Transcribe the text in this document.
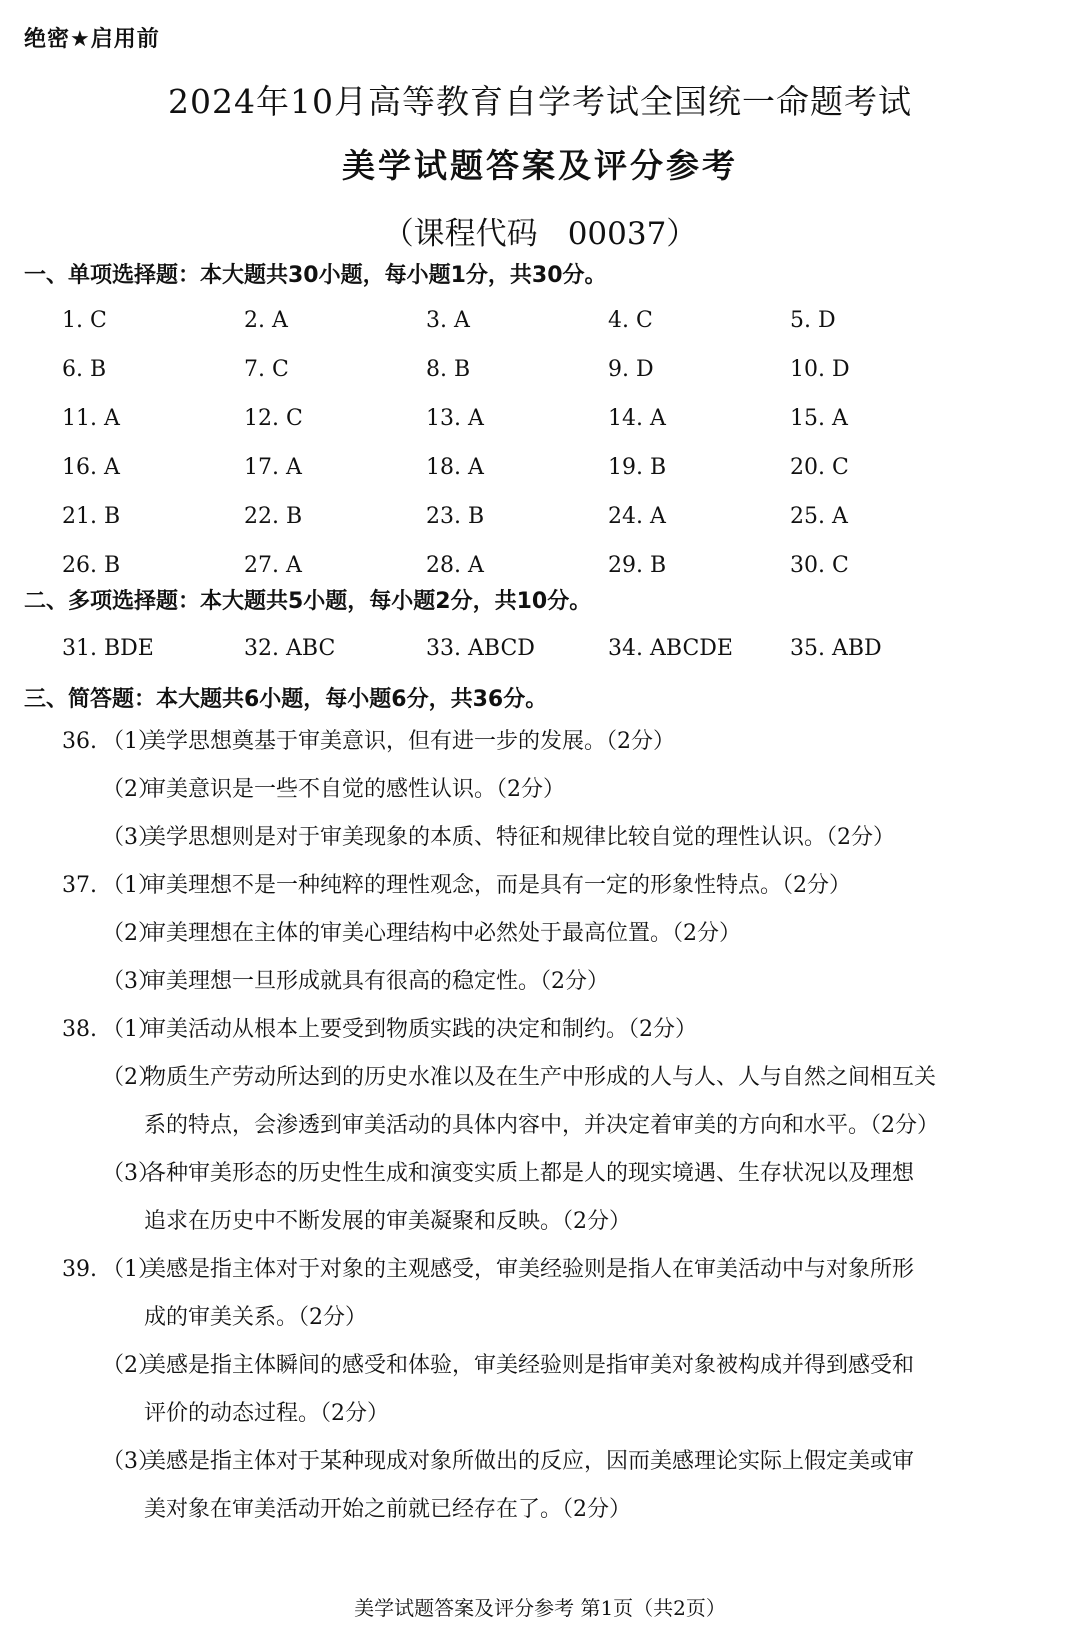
绝密★启用前
2024年10月高等教育自学考试全国统一命题考试
美学试题答案及评分参考
（课程代码 00037）
一、单项选择题：本大题共30小题，每小题1分，共30分。
1. C	2. A	3. A	4. C	5. D
6. B	7. C	8. B	9. D	10. D
11. A	12. C	13. A	14. A	15. A
16. A	17. A	18. A	19. B	20. C
21. B	22. B	23. B	24. A	25. A
26. B	27. A	28. A	29. B	30. C
二、多项选择题：本大题共5小题，每小题2分，共10分。
31. BDE	32. ABC	33. ABCD	34. ABCDE	35. ABD
三、简答题：本大题共6小题，每小题6分，共36分。
36. （1）
美学思想奠基于审美意识，但有进一步的发展。（2分）
（2）
审美意识是一些不自觉的感性认识。（2分）
（3）
美学思想则是对于审美现象的本质、特征和规律比较自觉的理性认识。（2分）
37. （1）
审美理想不是一种纯粹的理性观念，而是具有一定的形象性特点。（2分）
（2）
审美理想在主体的审美心理结构中必然处于最高位置。（2分）
（3）
审美理想一旦形成就具有很高的稳定性。（2分）
38. （1）
审美活动从根本上要受到物质实践的决定和制约。（2分）
（2）
物质生产劳动所达到的历史水准以及在生产中形成的人与人、人与自然之间相互关
系的特点，会渗透到审美活动的具体内容中，并决定着审美的方向和水平。（2分）
（3）
各种审美形态的历史性生成和演变实质上都是人的现实境遇、生存状况以及理想
追求在历史中不断发展的审美凝聚和反映。（2分）
39. （1）
美感是指主体对于对象的主观感受，审美经验则是指人在审美活动中与对象所形
成的审美关系。（2分）
（2）
美感是指主体瞬间的感受和体验，审美经验则是指审美对象被构成并得到感受和
评价的动态过程。（2分）
（3）
美感是指主体对于某种现成对象所做出的反应，因而美感理论实际上假定美或审
美对象在审美活动开始之前就已经存在了。（2分）
美学试题答案及评分参考 第1页（共2页）
